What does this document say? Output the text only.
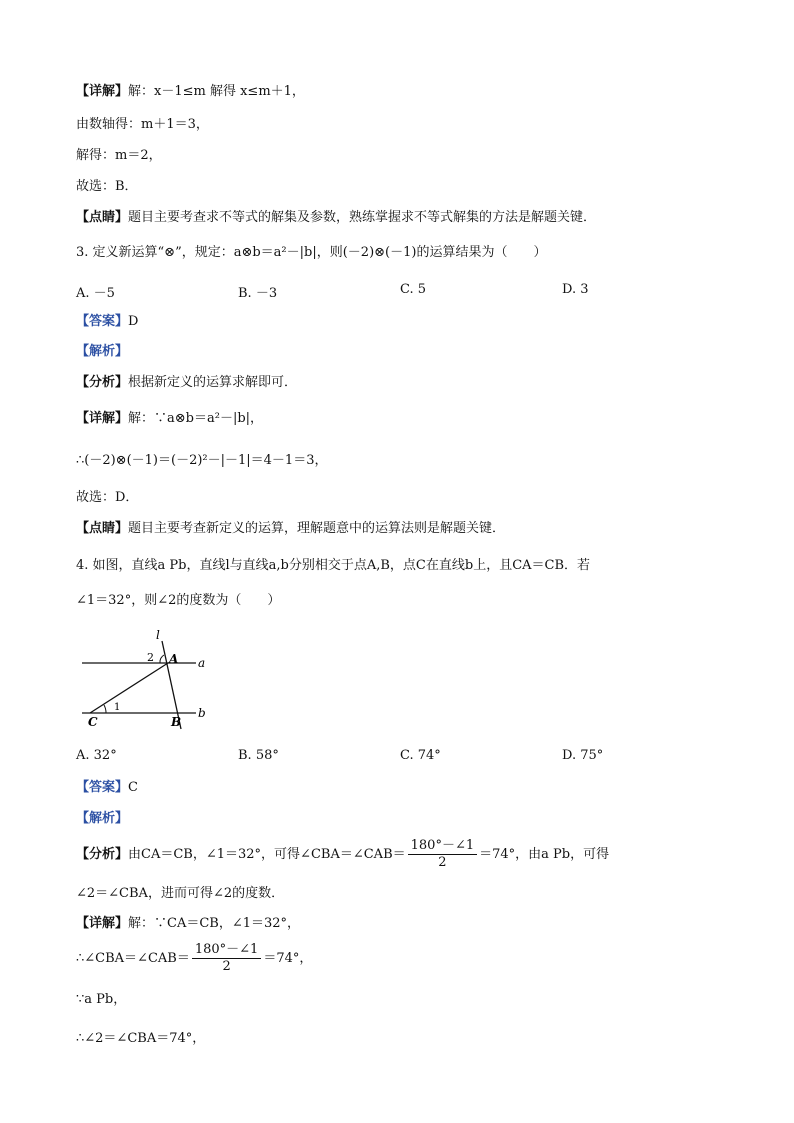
【详解】解：x－1≤m 解得 x≤m＋1，
由数轴得：m＋1＝3，
解得：m＝2，
故选：B．
【点睛】题目主要考查求不等式的解集及参数，熟练掌握求不等式解集的方法是解题关键．
3. 定义新运算“⊗”，规定：a⊗b＝a²－|b|，则(－2)⊗(－1)的运算结果为（　　）
A. －5	B. －3	C. 5	D. 3
【答案】D
【解析】
【分析】根据新定义的运算求解即可．
【详解】解：∵a⊗b＝a²－|b|，
∴(－2)⊗(－1)＝(－2)²－|－1|＝4－1＝3，
故选：D．
【点睛】题目主要考查新定义的运算，理解题意中的运算法则是解题关键．
4. 如图，直线a Pb，直线l与直线a,b分别相交于点A,B，点C在直线b上，且CA＝CB．若
∠1＝32°，则∠2的度数为（　　）
l
2 A a
1
C	B
b
A. 32°	B. 58°	C. 74°	D. 75°
【答案】C
【解析】
【分析】由CA＝CB，∠1＝32°，可得∠CBA＝∠CAB＝ $\frac{180^\circ-\angle 1}{2} =74^\circ$，由a Pb，可得
∠2＝∠CBA，进而可得∠2的度数．
【详解】解：∵CA＝CB，∠1＝32°，
∴∠CBA＝∠CAB＝ $\frac{180^\circ-\angle 1}{2} =74^\circ$，
∵a Pb，
∴∠2＝∠CBA＝74°，
